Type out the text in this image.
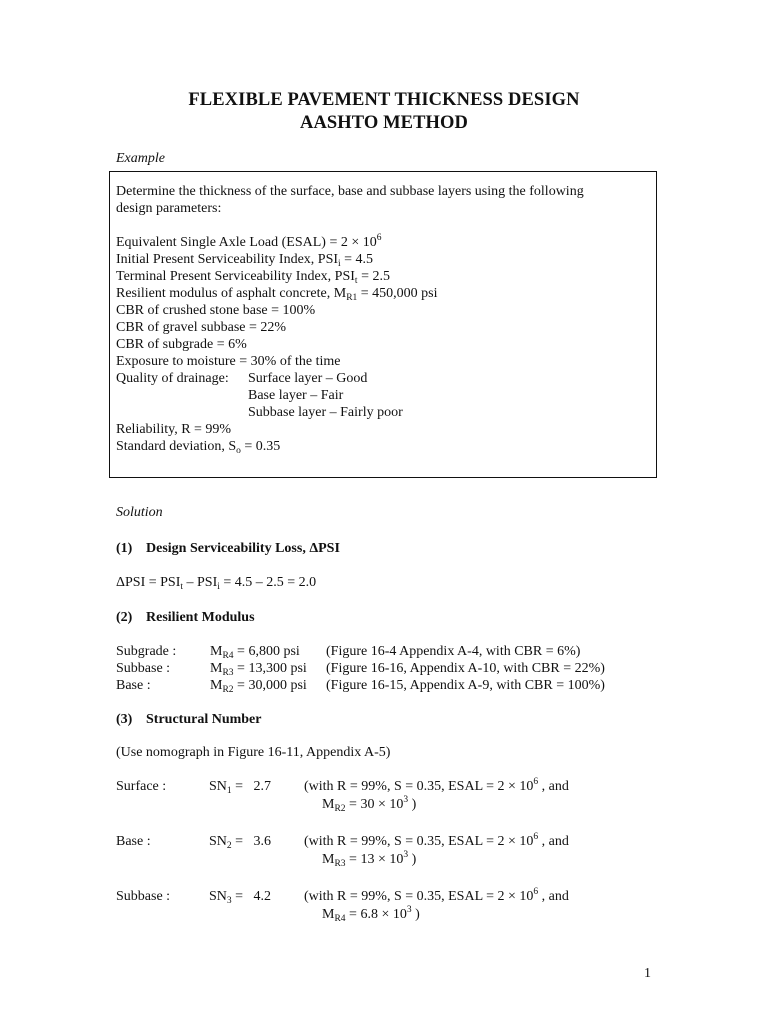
FLEXIBLE PAVEMENT THICKNESS DESIGN
AASHTO METHOD
Example
Determine the thickness of the surface, base and subbase layers using the following
design parameters:
Equivalent Single Axle Load (ESAL) = $2 \times 10^6$
Initial Present Serviceability Index, $PSI_i = 4.5$
Terminal Present Serviceability Index, $PSI_t = 2.5$
Resilient modulus of asphalt concrete, $M_{R1} = 450,000$ psi
CBR of crushed stone base = 100%
CBR of gravel subbase = 22%
CBR of subgrade = 6%
Exposure to moisture = 30% of the time
Quality of drainage: Surface layer – Good
Base layer – Fair
Subbase layer – Fairly poor
Reliability, R = 99%
Standard deviation, $S_o = 0.35$
Solution
(1) Design Serviceability Loss, ΔPSI
$\Delta PSI = PSI_t - PSI_i = 4.5 - 2.5 = 2.0$
(2) Resilient Modulus
Subgrade : $M_{R4} = 6,800$ psi (Figure 16-4 Appendix A-4, with CBR = 6%)
Subbase :	$M_{R3} = 13,300$ psi (Figure 16-16, Appendix A-10, with CBR = 22%)
Base :	$M_{R2} = 30,000$ psi (Figure 16-15, Appendix A-9, with CBR = 100%)
(3) Structural Number
(Use nomograph in Figure 16-11, Appendix A-5)
Surface :	$SN_1 = 2.7$ (with R = 99%, S = 0.35, ESAL = $2 \times 10^6$ , and
$M_{R2} = 30 \times 10^3$ )
Base :	$SN_2 = 3.6$ (with R = 99%, S = 0.35, ESAL = $2 \times 10^6$ , and
$M_{R3} = 13 \times 10^3$ )
Subbase :	$SN_3 = 4.2$ (with R = 99%, S = 0.35, ESAL = $2 \times 10^6$ , and
$M_{R4} = 6.8 \times 10^3$ )
1
